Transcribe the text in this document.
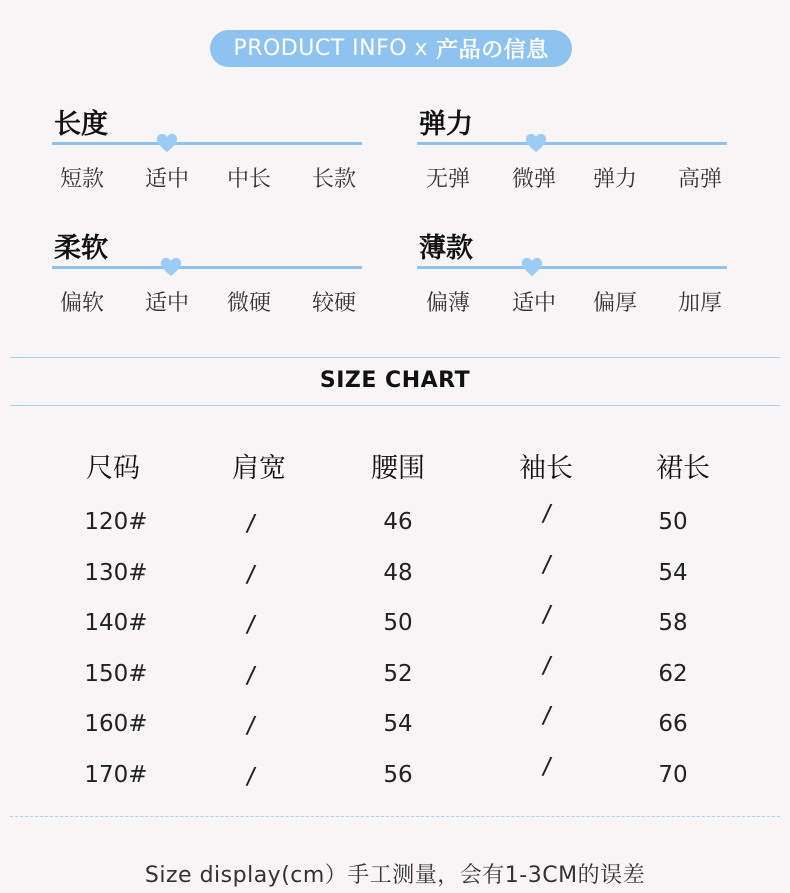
PRODUCT INFO x 产品の信息
长度
短款	适中	中长	长款
弹力
无弹	微弹	弹力	高弹
柔软
偏软	适中	微硬	较硬
薄款
偏薄	适中	偏厚	加厚
SIZE CHART
尺码	肩宽	腰围	袖长	裙长
120#	/	46	/	50
130#	/	48	/	54
140#	/	50	/	58
150#	/	52	/	62
160#	/	54	/	66
170#	/	56	/	70
Size display(cm）手工测量，会有1-3CM的误差
